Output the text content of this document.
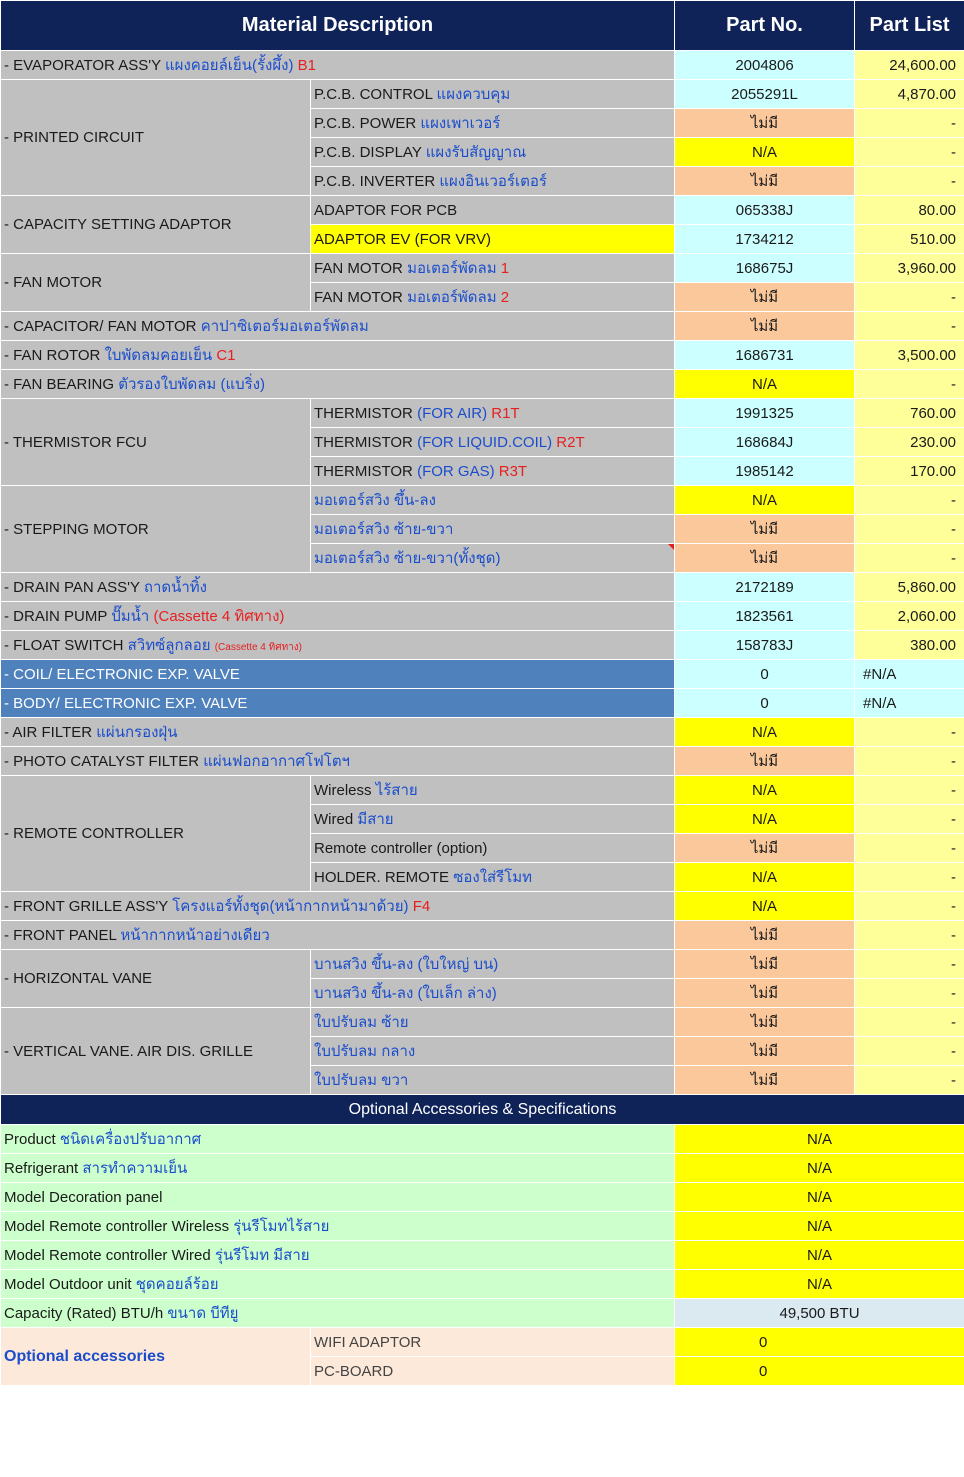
Material Description		Part No.	Part List
- EVAPORATOR ASS'Y แผงคอยล์เย็น(รั้งผึ้ง) B1		2004806	24,600.00
- PRINTED CIRCUIT	P.C.B. CONTROL แผงควบคุม	2055291L	4,870.00
	P.C.B. POWER แผงเพาเวอร์	ไม่มี	-
	P.C.B. DISPLAY แผงรับสัญญาณ	N/A	-
	P.C.B. INVERTER แผงอินเวอร์เตอร์	ไม่มี	-
- CAPACITY SETTING ADAPTOR	ADAPTOR FOR PCB	065338J	80.00
	ADAPTOR EV (FOR VRV)	1734212	510.00
- FAN MOTOR	FAN MOTOR มอเตอร์พัดลม 1	168675J	3,960.00
	FAN MOTOR มอเตอร์พัดลม 2	ไม่มี	-
- CAPACITOR/ FAN MOTOR คาปาซิเตอร์มอเตอร์พัดลม		ไม่มี	-
- FAN ROTOR ใบพัดลมคอยเย็น C1		1686731	3,500.00
- FAN BEARING ตัวรองใบพัดลม (แบริ่ง)		N/A	-
- THERMISTOR FCU	THERMISTOR (FOR AIR) R1T	1991325	760.00
	THERMISTOR (FOR LIQUID.COIL) R2T	168684J	230.00
	THERMISTOR (FOR GAS) R3T	1985142	170.00
- STEPPING MOTOR	มอเตอร์สวิง ขึ้น-ลง	N/A	-
	มอเตอร์สวิง ซ้าย-ขวา	ไม่มี	-
	มอเตอร์สวิง ซ้าย-ขวา(ทั้งชุด)	ไม่มี	-
- DRAIN PAN ASS'Y ถาดน้ำทิ้ง		2172189	5,860.00
- DRAIN PUMP ปั๊มน้ำ (Cassette 4 ทิศทาง)		1823561	2,060.00
- FLOAT SWITCH สวิทซ์ลูกลอย (Cassette 4 ทิศทาง)		158783J	380.00
- COIL/ ELECTRONIC EXP. VALVE		0	#N/A
- BODY/ ELECTRONIC EXP. VALVE		0	#N/A
- AIR FILTER แผ่นกรองฝุ่น		N/A	-
- PHOTO CATALYST FILTER แผ่นฟอกอากาศโฟโตฯ		ไม่มี	-
- REMOTE CONTROLLER	Wireless ไร้สาย	N/A	-
	Wired มีสาย	N/A	-
	Remote controller (option)	ไม่มี	-
	HOLDER. REMOTE ซองใส่รีโมท	N/A	-
- FRONT GRILLE ASS'Y โครงแอร์ทั้งชุด(หน้ากากหน้ามาด้วย) F4		N/A	-
- FRONT PANEL หน้ากากหน้าอย่างเดียว		ไม่มี	-
- HORIZONTAL VANE	บานสวิง ขึ้น-ลง (ใบใหญ่ บน)	ไม่มี	-
	บานสวิง ขึ้น-ลง (ใบเล็ก ล่าง)	ไม่มี	-
- VERTICAL VANE. AIR DIS. GRILLE	ใบปรับลม ซ้าย	ไม่มี	-
	ใบปรับลม กลาง	ไม่มี	-
	ใบปรับลม ขวา	ไม่มี	-
Optional Accessories & Specifications			
Product ชนิดเครื่องปรับอากาศ		N/A	
Refrigerant สารทำความเย็น		N/A	
Model Decoration panel		N/A	
Model Remote controller Wireless รุ่นรีโมทไร้สาย		N/A	
Model Remote controller Wired รุ่นรีโมท มีสาย		N/A	
Model Outdoor unit ชุดคอยล์ร้อย		N/A	
Capacity (Rated) BTU/h ขนาด บีทียู		49,500 BTU	
Optional accessories	WIFI ADAPTOR	0	
	PC-BOARD	0	
